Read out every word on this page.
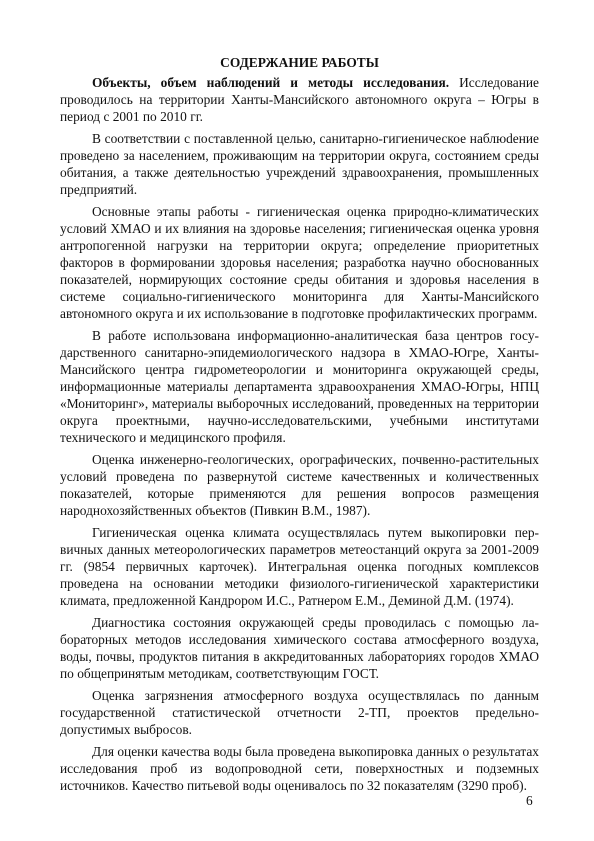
СОДЕРЖАНИЕ РАБОТЫ

Объекты, объем наблюдений и методы исследования. Исследование проводилось на территории Ханты-Мансийского автономного округа – Югры в период с 2001 по 2010 гг.

В соответствии с поставленной целью, санитарно-гигиеническое наблюdение проведено за населением, проживающим на территории округа, состоянием среды обитания, а также деятельностью учреждений здравоохранения, промышленных предприятий.

Основные этапы работы - гигиеническая оценка природно-климатических условий ХМАО и их влияния на здоровье населения; гигиеническая оценка уровня антропогенной нагрузки на территории округа; определение приоритетных факторов в формировании здоровья населения; разработка научно обоснованных показателей, нормирующих состояние среды обитания и здоровья населения в системе социально-гигиенического мониторинга для Ханты-Мансийского автономного округа и их использование в подготовке профилактических программ.

В работе использована информационно-аналитическая база центров государственного санитарно-эпидемиологического надзора в ХМАО-Югре, Ханты-Мансийского центра гидрометеорологии и мониторинга окружающей среды, информационные материалы департамента здравоохранения ХМАО-Югры, НПЦ «Мониторинг», материалы выборочных исследований, проведенных на территории округа проектными, научно-исследовательскими, учебными институтами технического и медицинского профиля.

Оценка инженерно-геологических, орографических, почвенно-растительных условий проведена по развернутой системе качественных и количественных показателей, которые применяются для решения вопросов размещения народнохозяйственных объектов (Пивкин В.М., 1987).

Гигиеническая оценка климата осуществлялась путем выкопировки первичных данных метеорологических параметров метеостанций округа за 2001-2009 гг. (9854 первичных карточек). Интегральная оценка погодных комплексов проведена на основании методики физиолого-гигиенической характеристики климата, предложенной Кандрором И.С., Ратнером Е.М., Деминой Д.М. (1974).

Диагностика состояния окружающей среды проводилась с помощью лабораторных методов исследования химического состава атмосферного воздуха, воды, почвы, продуктов питания в аккредитованных лабораториях городов ХМАО по общепринятым методикам, соответствующим ГОСТ.

Оценка загрязнения атмосферного воздуха осуществлялась по данным государственной статистической отчетности 2-ТП, проектов предельно-допустимых выбросов.

Для оценки качества воды была проведена выкопировка данных о результатах исследования проб из водопроводной сети, поверхностных и подземных источников. Качество питьевой воды оценивалось по 32 показателям (3290 проб).

6
